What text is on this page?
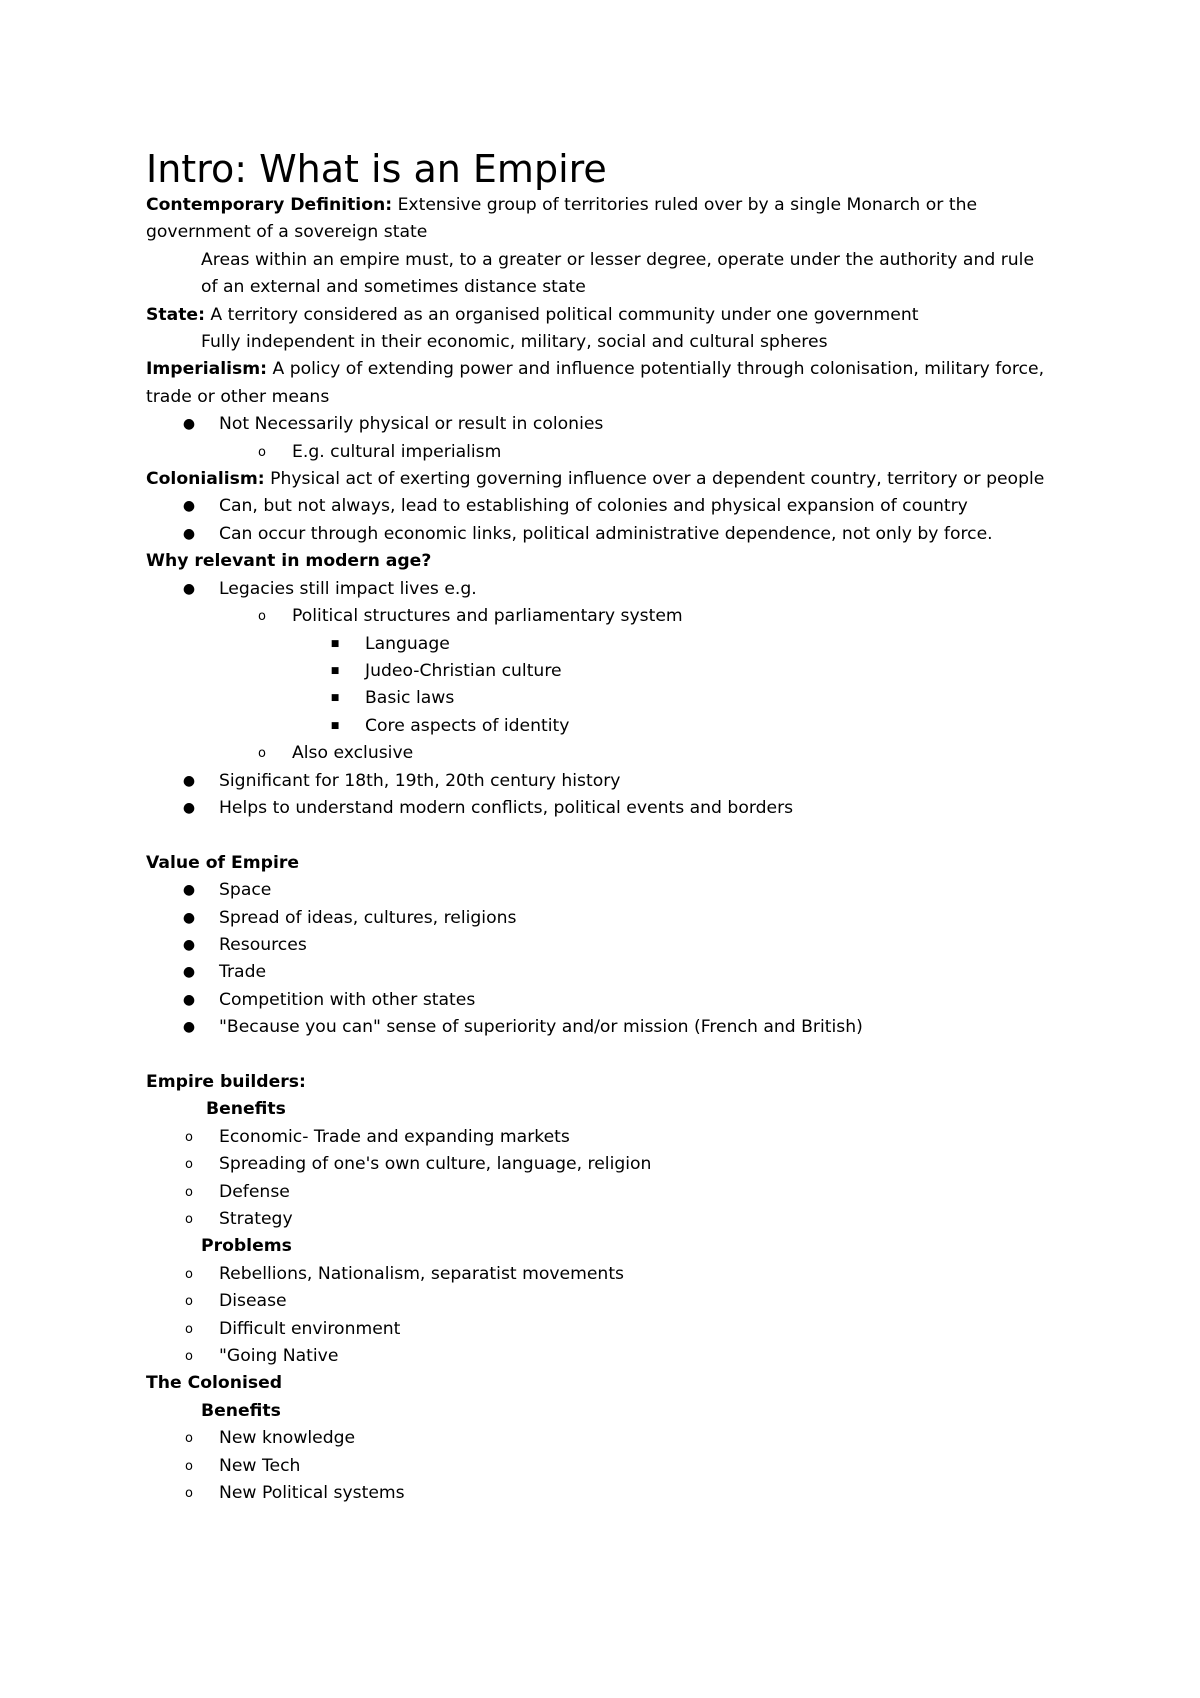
Intro: What is an Empire

Contemporary Definition: Extensive group of territories ruled over by a single Monarch or the government of a sovereign state

Areas within an empire must, to a greater or lesser degree, operate under the authority and rule of an external and sometimes distance state

State: A territory considered as an organised political community under one government

Fully independent in their economic, military, social and cultural spheres

Imperialism: A policy of extending power and influence potentially through colonisation, military force, trade or other means

● Not Necessarily physical or result in colonies
o	E.g. cultural imperialism

Colonialism: Physical act of exerting governing influence over a dependent country, territory or people

● Can, but not always, lead to establishing of colonies and physical expansion of country
● Can occur through economic links, political administrative dependence, not only by force.

Why relevant in modern age?

● Legacies still impact lives e.g.
o	Political structures and parliamentary system
■	Language
■	Judeo-Christian culture
■	Basic laws
■	Core aspects of identity
o	Also exclusive
● Significant for 18th, 19th, 20th century history
● Helps to understand modern conflicts, political events and borders

Value of Empire

● Space
● Spread of ideas, cultures, religions
● Resources
● Trade
● Competition with other states
● "Because you can" sense of superiority and/or mission (French and British)

Empire builders:

Benefits

o	Economic- Trade and expanding markets
o	Spreading of one's own culture, language, religion
o	Defense
o	Strategy

Problems

o	Rebellions, Nationalism, separatist movements
o	Disease
o	Difficult environment
o	"Going Native

The Colonised

Benefits

o	New knowledge
o	New Tech
o	New Political systems
